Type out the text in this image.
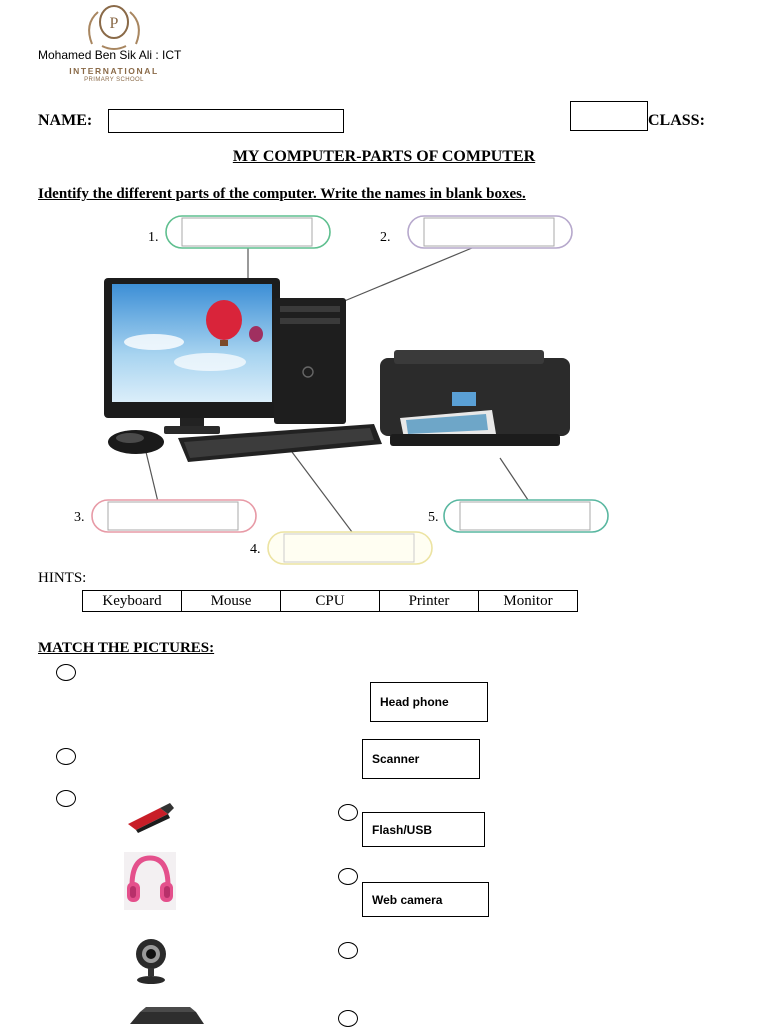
P
INTERNATIONAL
PRIMARY SCHOOL
Mohamed Ben Sik Ali : ICT
NAME:	CLASS:
MY COMPUTER-PARTS OF COMPUTER
Identify the different parts of the computer. Write the names in blank boxes.
1.	2.
3.
4.
5.
HINTS:
Keyboard	Mouse	CPU	Printer	Monitor
MATCH THE PICTURES:
Head phone
Scanner
Flash/USB
Web camera
